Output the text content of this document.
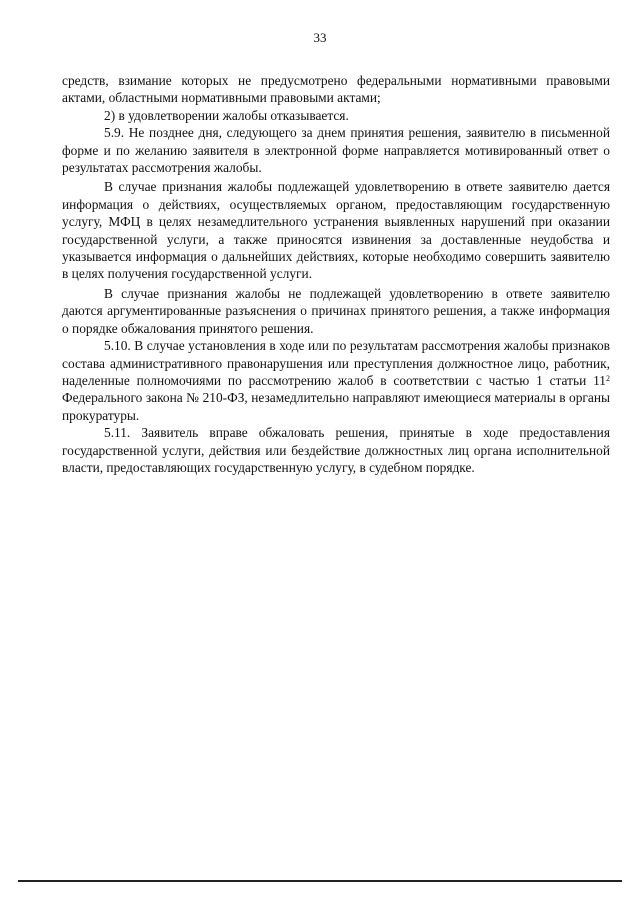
33

средств, взимание которых не предусмотрено федеральными нормативными правовыми актами, областными нормативными правовыми актами;

2) в удовлетворении жалобы отказывается.

5.9. Не позднее дня, следующего за днем принятия решения, заявителю в письменной форме и по желанию заявителя в электронной форме направляется мотивированный ответ о результатах рассмотрения жалобы.

В случае признания жалобы подлежащей удовлетворению в ответе заявителю дается информация о действиях, осуществляемых органом, предоставляющим государственную услугу, МФЦ в целях незамедлительного устранения выявленных нарушений при оказании государственной услуги, а также приносятся извинения за доставленные неудобства и указывается информация о дальнейших действиях, которые необходимо совершить заявителю в целях получения государственной услуги.

В случае признания жалобы не подлежащей удовлетворению в ответе заявителю даются аргументированные разъяснения о причинах принятого решения, а также информация о порядке обжалования принятого решения.

5.10. В случае установления в ходе или по результатам рассмотрения жалобы признаков состава административного правонарушения или преступления должностное лицо, работник, наделенные полномочиями по рассмотрению жалоб в соответствии с частью 1 статьи $11^2$ Федерального закона № 210-ФЗ, незамедлительно направляют имеющиеся материалы в органы прокуратуры.

5.11. Заявитель вправе обжаловать решения, принятые в ходе предоставления государственной услуги, действия или бездействие должностных лиц органа исполнительной власти, предоставляющих государственную услугу, в судебном порядке.
